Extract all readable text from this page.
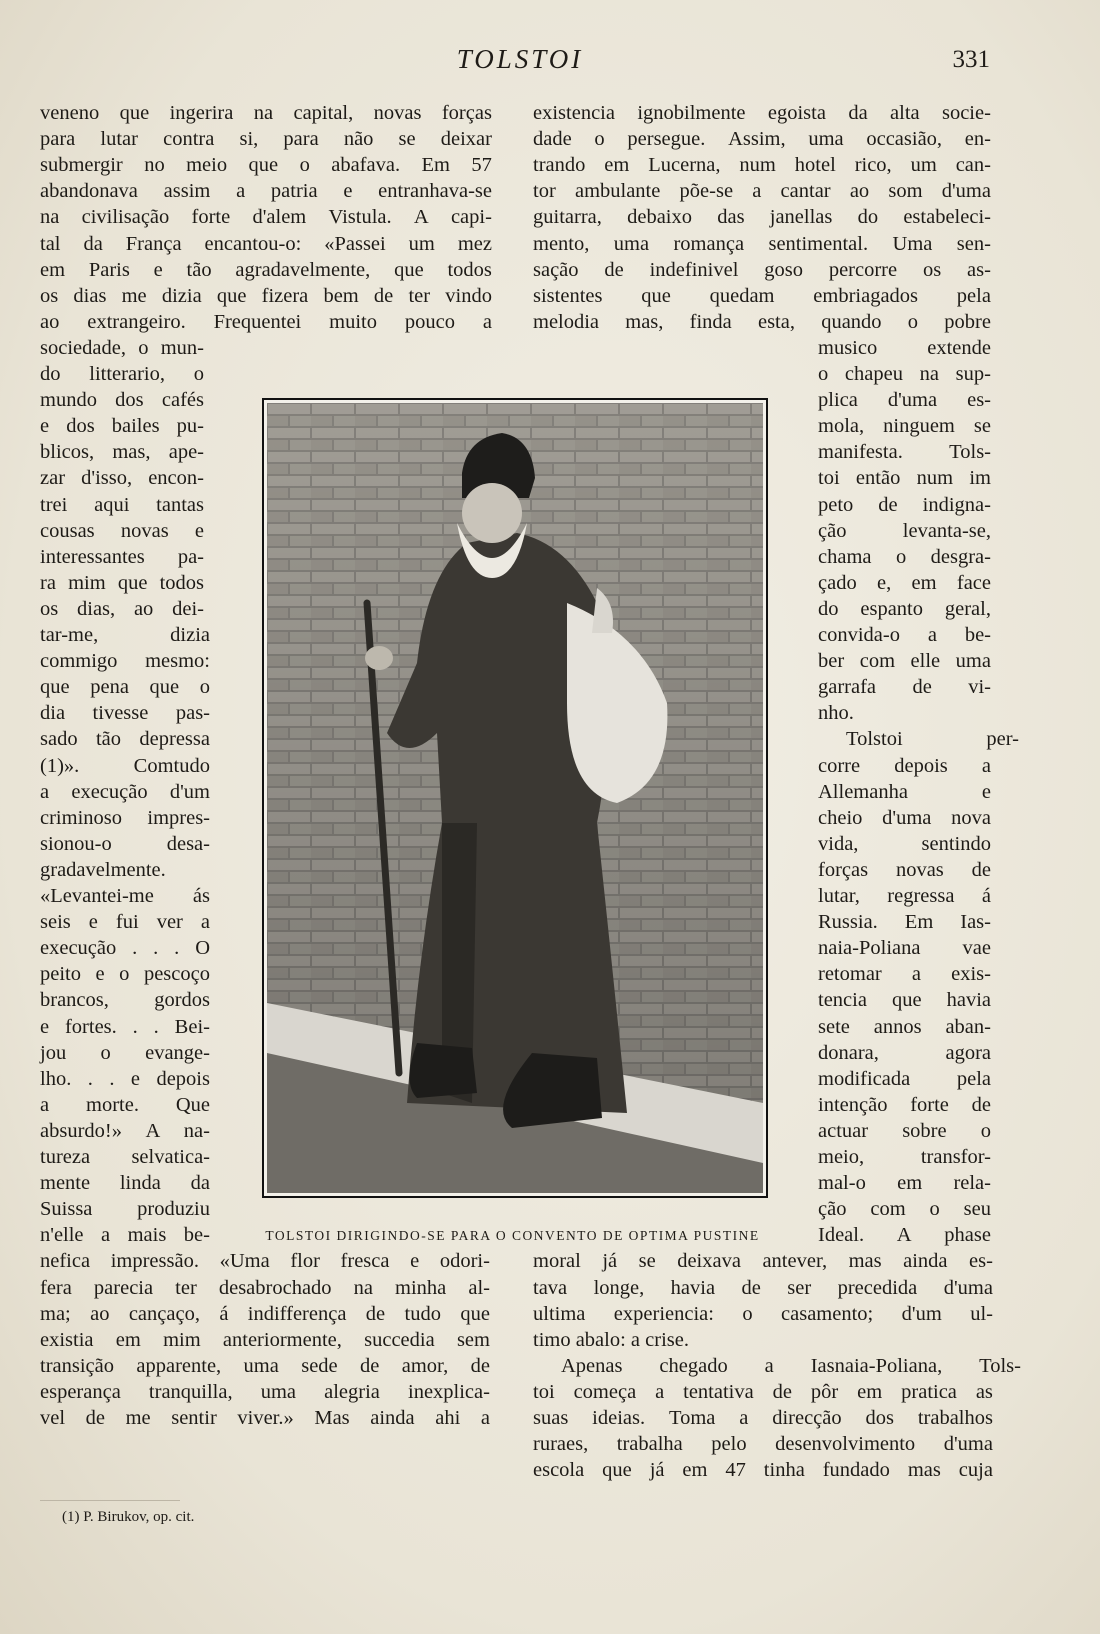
TOLSTOI	331
veneno que ingerira na capital, novas forças
para lutar contra si, para não se deixar
submergir no meio que o abafava. Em 57
abandonava assim a patria e entranhava-se
na civilisação forte d'alem Vistula. A capi-
tal da França encantou-o: «Passei um mez
em Paris e tão agradavelmente, que todos
os dias me dizia que fizera bem de ter vindo
ao extrangeiro. Frequentei muito pouco a
sociedade, o mun-
do litterario, o
mundo dos cafés
e dos bailes pu-
blicos, mas, ape-
zar d'isso, encon-
trei aqui tantas
cousas novas e
interessantes pa-
ra mim que todos
os dias, ao dei-
tar-me,	dizia
commigo mesmo:
que pena que o
dia tivesse pas-
sado tão depressa
(1)».	Comtudo
a execução d'um
criminoso impres-
sionou-o	desa-
gradavelmente.
«Levantei-me ás
seis e fui ver a
execução . . . O
peito e o pescoço
brancos, gordos
e fortes. . . Bei-
jou o evange-
lho. . . e depois
a morte. Que
absurdo!» A na-
tureza selvatica-
mente linda da
Suissa produziu
n'elle a mais be-
nefica impressão. «Uma flor fresca e odori-
fera parecia ter desabrochado na minha al-
ma; ao cançaço, á indifferença de tudo que
existia em mim anteriormente, succedia sem
transição apparente, uma sede de amor, de
esperança tranquilla, uma alegria inexplica-
vel de me sentir viver.» Mas ainda ahi a
existencia ignobilmente egoista da alta socie-
dade o persegue. Assim, uma occasião, en-
trando em Lucerna, num hotel rico, um can-
tor ambulante põe-se a cantar ao som d'uma
guitarra, debaixo das janellas do estabeleci-
mento, uma romança sentimental. Uma sen-
sação de indefinivel goso percorre os as-
sistentes que quedam embriagados pela
melodia mas, finda esta, quando o pobre
musico extende
o chapeu na sup-
plica d'uma es-
mola, ninguem se
manifesta. Tols-
toi então num im
peto de indigna-
ção	levanta-se,
chama o desgra-
çado e, em face
do espanto geral,
convida-o a be-
ber com elle uma
garrafa de vi-
nho.
Tolstoi	per-
corre depois a
Allemanha	e
cheio d'uma nova
vida,	sentindo
forças novas de
lutar, regressa á
Russia. Em Ias-
naia-Poliana vae
retomar a exis-
tencia que havia
sete annos aban-
donara,	agora
modificada pela
intenção forte de
actuar sobre o
meio,	transfor-
mal-o em rela-
ção com o seu
Ideal. A phase
moral já se deixava antever, mas ainda es-
tava longe, havia de ser precedida d'uma
ultima experiencia: o casamento; d'um ul-
timo abalo: a crise.
Apenas chegado a Iasnaia-Poliana, Tols-
toi começa a tentativa de pôr em pratica as
suas ideias. Toma a direcção dos trabalhos
ruraes, trabalha pelo desenvolvimento d'uma
escola que já em 47 tinha fundado mas cuja
TOLSTOI DIRIGINDO-SE PARA O CONVENTO DE OPTIMA PUSTINE
(1) P. Birukov, op. cit.
